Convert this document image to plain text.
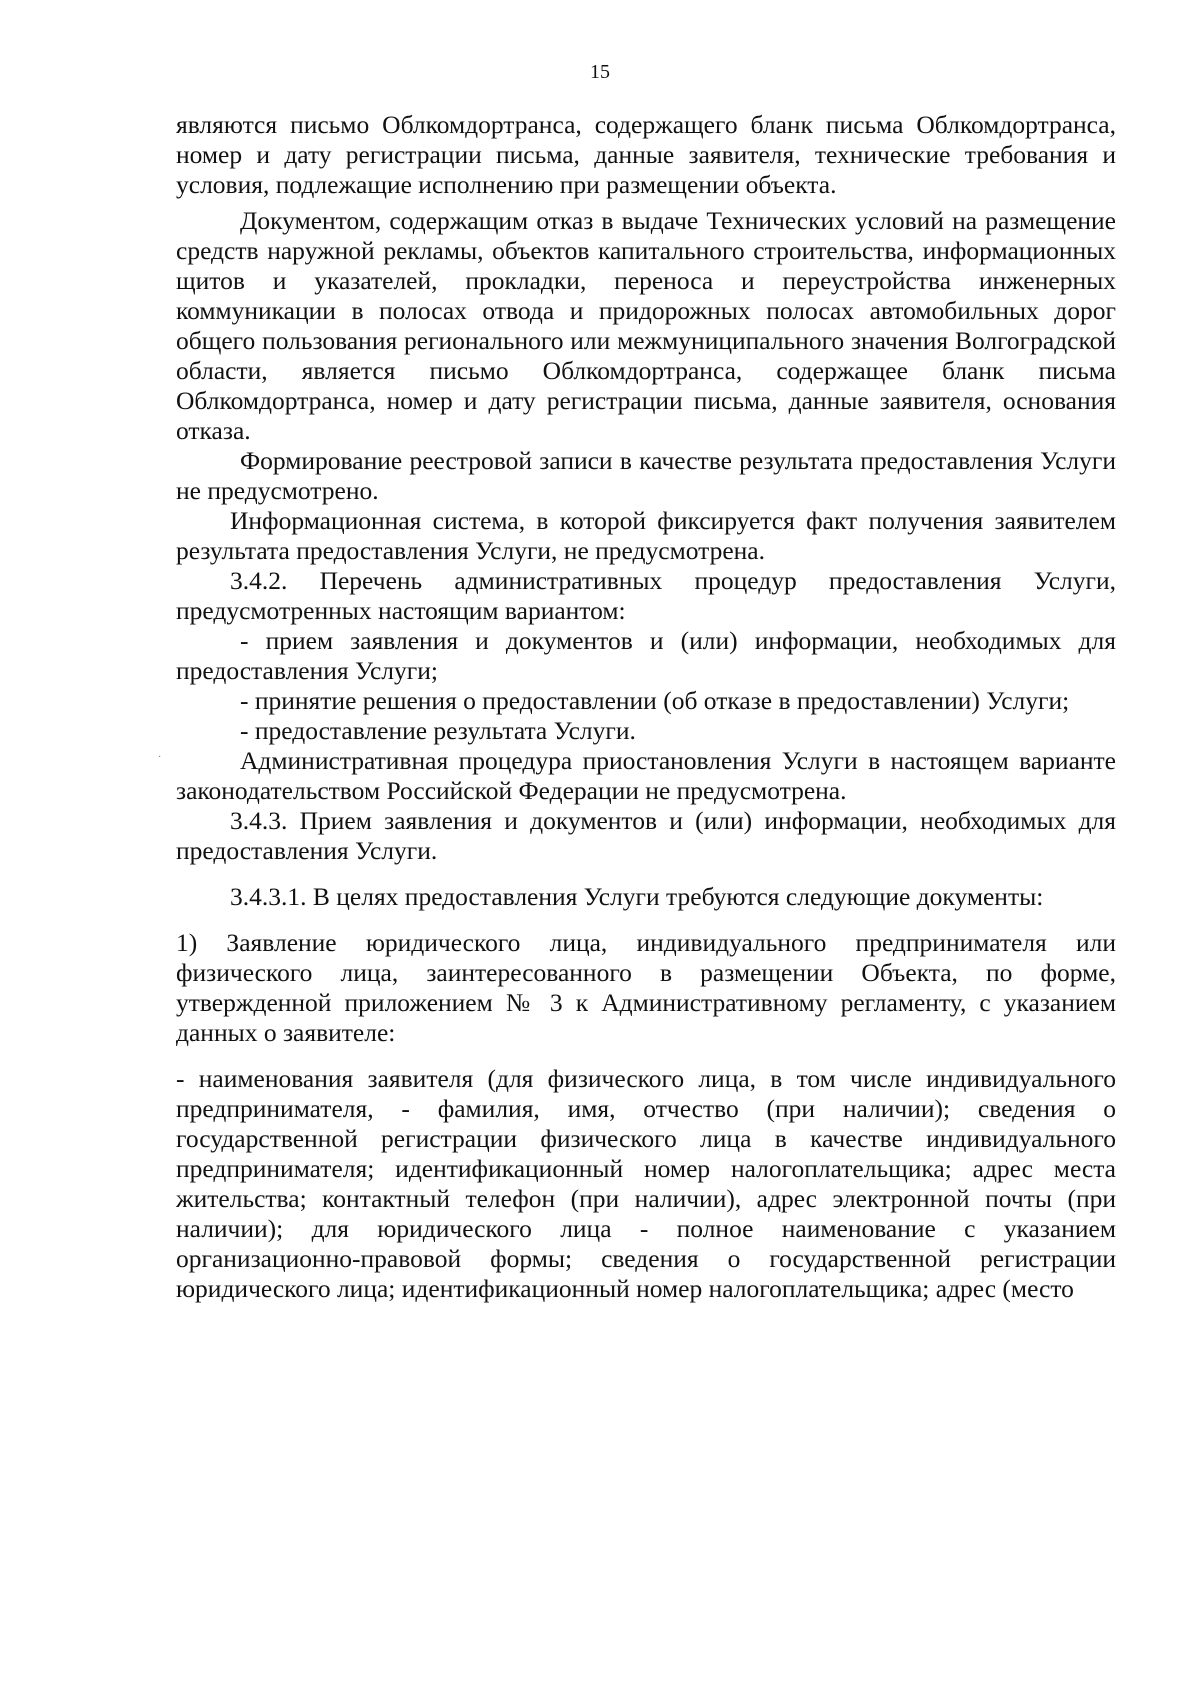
15
·

являются письмо Облкомдортранса, содержащего бланк письма Облкомдортранса, номер и дату регистрации письма, данные заявителя, технические требования и условия, подлежащие исполнению при размещении объекта.

Документом, содержащим отказ в выдаче Технических условий на размещение средств наружной рекламы, объектов капитального строительства, информационных щитов и указателей, прокладки, переноса и переустройства инженерных коммуникации в полосах отвода и придорожных полосах автомобильных дорог общего пользования регионального или межмуниципального значения Волгоградской области, является письмо Облкомдортранса, содержащее бланк письма Облкомдортранса, номер и дату регистрации письма, данные заявителя, основания отказа.

Формирование реестровой записи в качестве результата предоставления Услуги не предусмотрено.

Информационная система, в которой фиксируется факт получения заявителем результата предоставления Услуги, не предусмотрена.

3.4.2. Перечень административных процедур предоставления Услуги, предусмотренных настоящим вариантом:

- прием заявления и документов и (или) информации, необходимых для предоставления Услуги;

- принятие решения о предоставлении (об отказе в предоставлении) Услуги;

- предоставление результата Услуги.

Административная процедура приостановления Услуги в настоящем варианте законодательством Российской Федерации не предусмотрена.

3.4.3. Прием заявления и документов и (или) информации, необходимых для предоставления Услуги.

3.4.3.1. В целях предоставления Услуги требуются следующие документы:

1) Заявление юридического лица, индивидуального предпринимателя или физического лица, заинтересованного в размещении Объекта, по форме, утвержденной приложением № 3 к Административному регламенту, с указанием данных о заявителе:

- наименования заявителя (для физического лица, в том числе индивидуального предпринимателя, - фамилия, имя, отчество (при наличии); сведения о государственной регистрации физического лица в качестве индивидуального предпринимателя; идентификационный номер налогоплательщика; адрес места жительства; контактный телефон (при наличии), адрес электронной почты (при наличии); для юридического лица - полное наименование с указанием организационно-правовой формы; сведения о государственной регистрации юридического лица; идентификационный номер налогоплательщика; адрес (место
